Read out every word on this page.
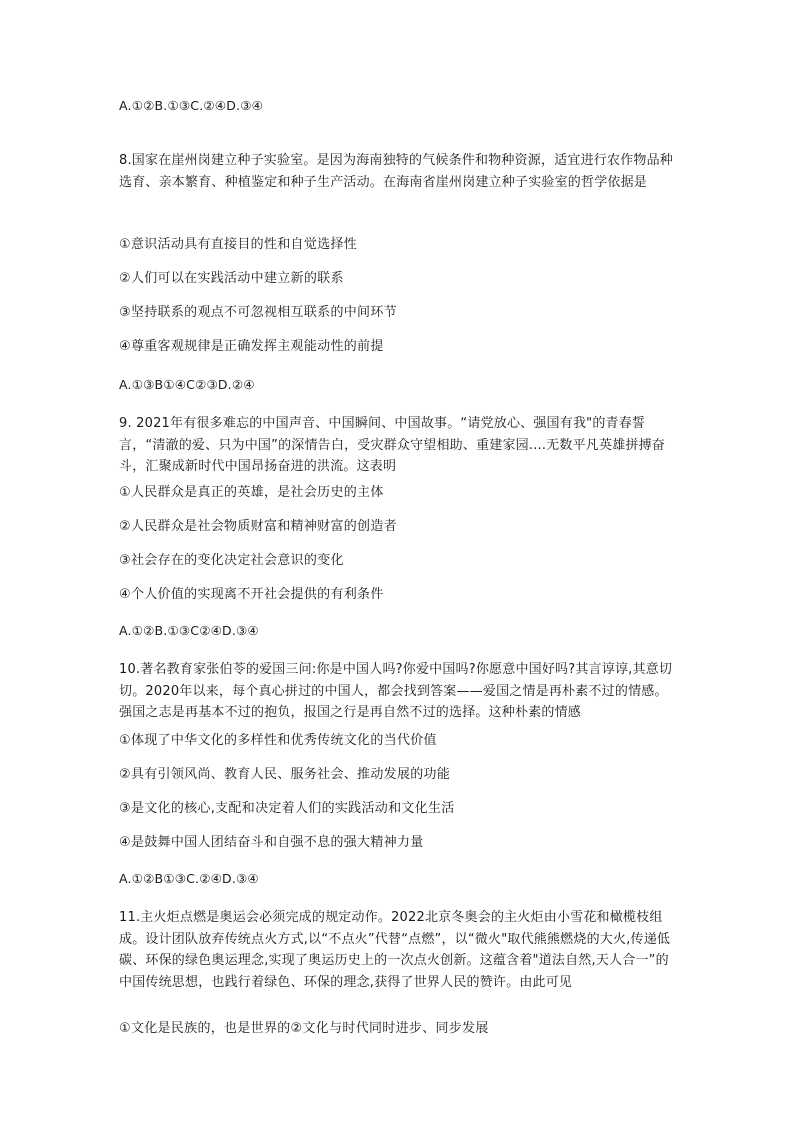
A.①②B.①③C.②④D.③④
8.国家在崖州岗建立种子实验室。是因为海南独特的气候条件和物种资源，适宜进行农作物品种选育、亲本繁育、种植鉴定和种子生产活动。在海南省崖州岗建立种子实验室的哲学依据是
①意识活动具有直接目的性和自觉选择性
②人们可以在实践活动中建立新的联系
③坚持联系的观点不可忽视相互联系的中间环节
④尊重客观规律是正确发挥主观能动性的前提
A.①③B①④C②③D.②④
9. 2021年有很多难忘的中国声音、中国瞬间、中国故事。“请党放心、强国有我"的青春誓言，“清澈的爱、只为中国”的深情告白，受灾群众守望相助、重建家园....无数平凡英雄拼搏奋斗，汇聚成新时代中国昂扬奋进的洪流。这表明
①人民群众是真正的英雄，是社会历史的主体
②人民群众是社会物质财富和精神财富的创造者
③社会存在的变化决定社会意识的变化
④个人价值的实现离不开社会提供的有利条件
A.①②B.①③C②④D.③④
10.著名教育家张伯苓的爱国三问:你是中国人吗?你爱中国吗?你愿意中国好吗?其言谆谆,其意切切。2020年以来，每个真心拼过的中国人，都会找到答案——爱国之情是再朴素不过的情感。强国之志是再基本不过的抱负，报国之行是再自然不过的选择。这种朴素的情感
①体现了中华文化的多样性和优秀传统文化的当代价值
②具有引领风尚、教育人民、服务社会、推动发展的功能
③是文化的核心,支配和决定着人们的实践活动和文化生活
④是鼓舞中国人团结奋斗和自强不息的强大精神力量
A.①②B①③C.②④D.③④
11.主火炬点燃是奥运会必须完成的规定动作。2022北京冬奥会的主火炬由小雪花和橄榄枝组成。设计团队放弃传统点火方式,以“不点火”代替“点燃”，以“微火"取代熊熊燃烧的大火,传递低碳、环保的绿色奥运理念,实现了奥运历史上的一次点火创新。这蕴含着"道法自然,天人合一”的中国传统思想，也践行着绿色、环保的理念,获得了世界人民的赞许。由此可见
①文化是民族的，也是世界的②文化与时代同时进步、同步发展
